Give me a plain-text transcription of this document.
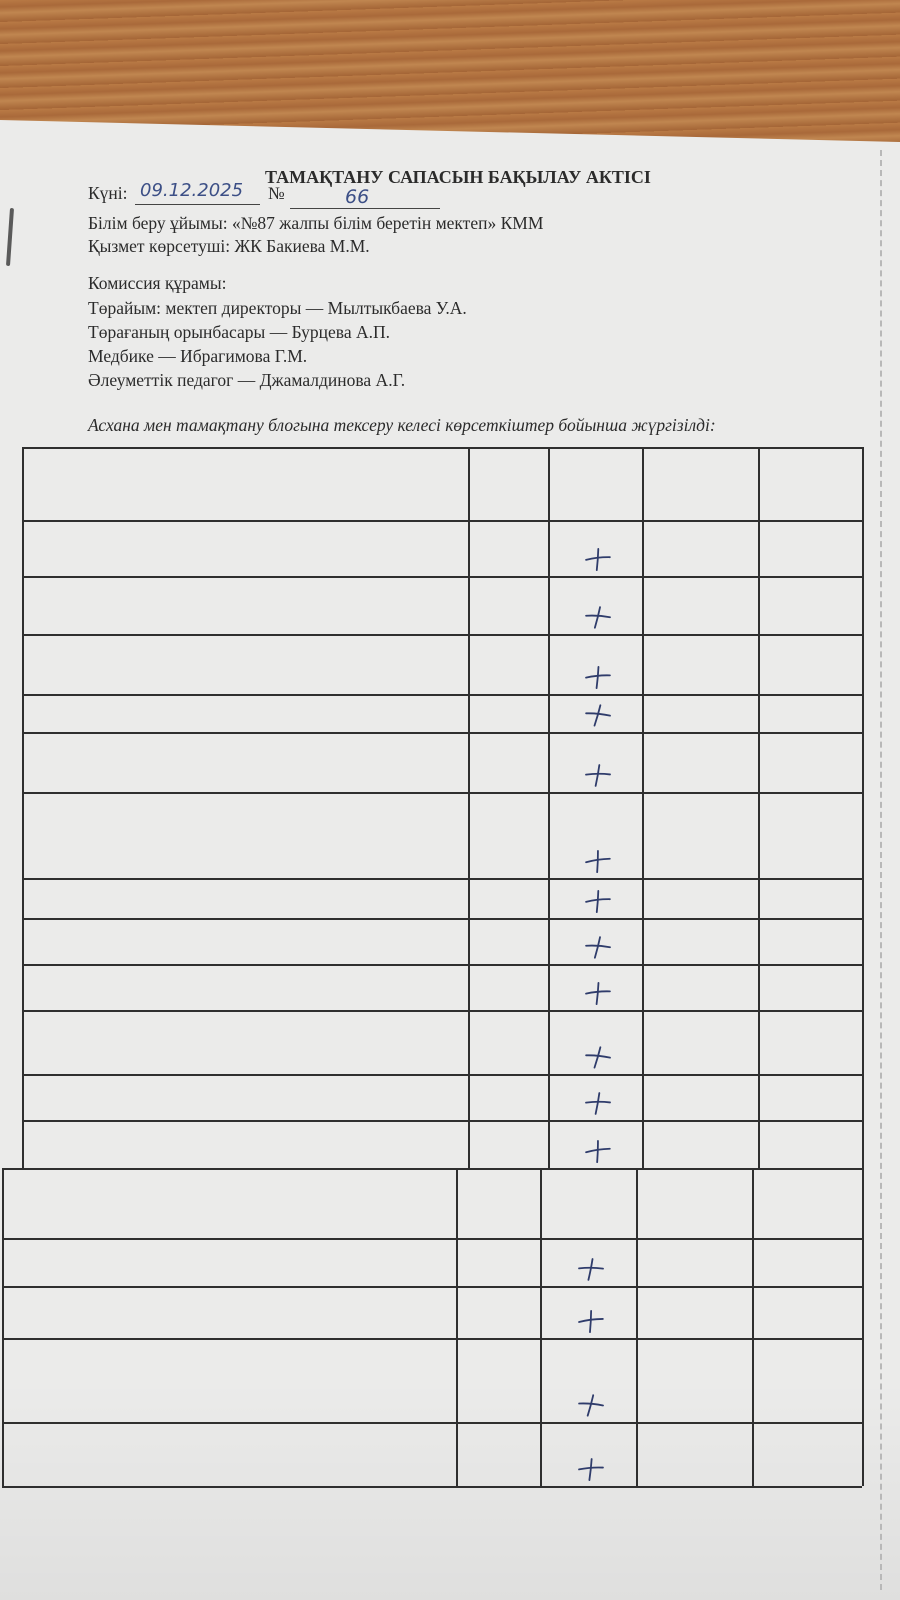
ТАМАҚТАНУ САПАСЫН БАҚЫЛАУ АКТІСІ
Күні: 09.12.2025 №	66
Білім беру ұйымы: «№87 жалпы білім беретін мектеп» КММ
Қызмет көрсетуші: ЖК Бакиева М.М.
Комиссия құрамы:
Төрайым: мектеп директоры — Мылтыкбаева У.А.
Төрағаның орынбасары — Бурцева А.П.
Медбике — Ибрагимова Г.М.
Әлеуметтік педагог — Джамалдинова А.Г.
Асхана мен тамақтану блогына тексеру келесі көрсеткіштер бойынша жүргізілді:
